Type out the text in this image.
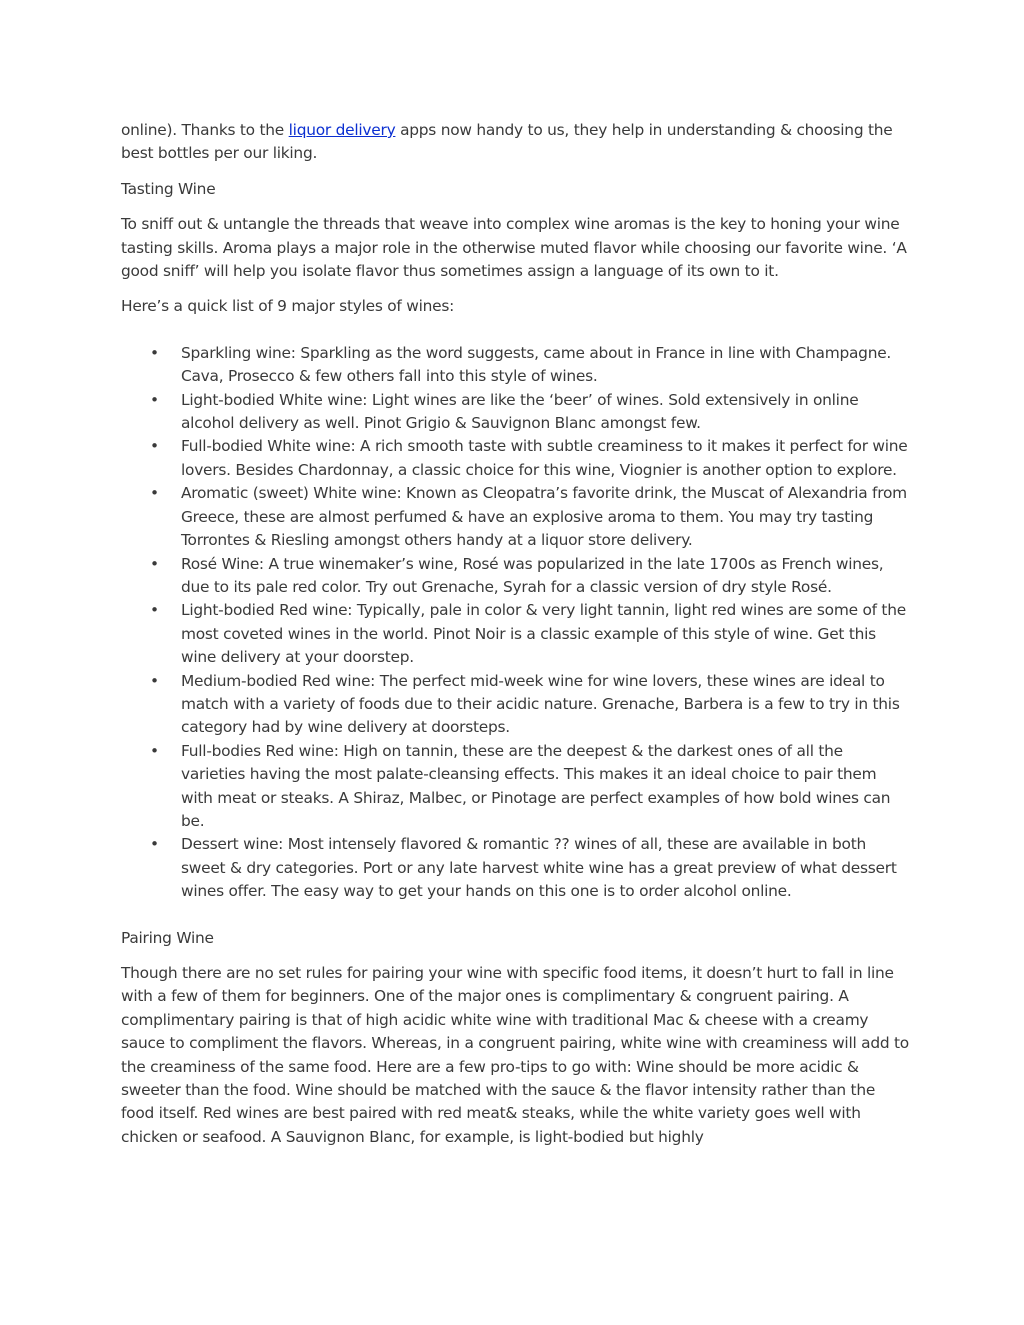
online). Thanks to the liquor delivery apps now handy to us, they help in understanding & choosing the best bottles per our liking.

Tasting Wine

To sniff out & untangle the threads that weave into complex wine aromas is the key to honing your wine tasting skills. Aroma plays a major role in the otherwise muted flavor while choosing our favorite wine. ‘A good sniff’ will help you isolate flavor thus sometimes assign a language of its own to it.

Here’s a quick list of 9 major styles of wines:

• Sparkling wine: Sparkling as the word suggests, came about in France in line with Champagne. Cava, Prosecco & few others fall into this style of wines.
• Light-bodied White wine: Light wines are like the ‘beer’ of wines. Sold extensively in online alcohol delivery as well. Pinot Grigio & Sauvignon Blanc amongst few.
• Full-bodied White wine: A rich smooth taste with subtle creaminess to it makes it perfect for wine lovers. Besides Chardonnay, a classic choice for this wine, Viognier is another option to explore.
• Aromatic (sweet) White wine: Known as Cleopatra’s favorite drink, the Muscat of Alexandria from Greece, these are almost perfumed & have an explosive aroma to them. You may try tasting Torrontes & Riesling amongst others handy at a liquor store delivery.
• Rosé Wine: A true winemaker’s wine, Rosé was popularized in the late 1700s as French wines, due to its pale red color. Try out Grenache, Syrah for a classic version of dry style Rosé.
• Light-bodied Red wine: Typically, pale in color & very light tannin, light red wines are some of the most coveted wines in the world. Pinot Noir is a classic example of this style of wine. Get this wine delivery at your doorstep.
• Medium-bodied Red wine: The perfect mid-week wine for wine lovers, these wines are ideal to match with a variety of foods due to their acidic nature. Grenache, Barbera is a few to try in this category had by wine delivery at doorsteps.
• Full-bodies Red wine: High on tannin, these are the deepest & the darkest ones of all the varieties having the most palate-cleansing effects. This makes it an ideal choice to pair them with meat or steaks. A Shiraz, Malbec, or Pinotage are perfect examples of how bold wines can be.
• Dessert wine: Most intensely flavored & romantic ?? wines of all, these are available in both sweet & dry categories. Port or any late harvest white wine has a great preview of what dessert wines offer. The easy way to get your hands on this one is to order alcohol online.

Pairing Wine

Though there are no set rules for pairing your wine with specific food items, it doesn’t hurt to fall in line with a few of them for beginners. One of the major ones is complimentary & congruent pairing. A complimentary pairing is that of high acidic white wine with traditional Mac & cheese with a creamy sauce to compliment the flavors. Whereas, in a congruent pairing, white wine with creaminess will add to the creaminess of the same food. Here are a few pro-tips to go with: Wine should be more acidic & sweeter than the food. Wine should be matched with the sauce & the flavor intensity rather than the food itself. Red wines are best paired with red meat& steaks, while the white variety goes well with chicken or seafood. A Sauvignon Blanc, for example, is light-bodied but highly
